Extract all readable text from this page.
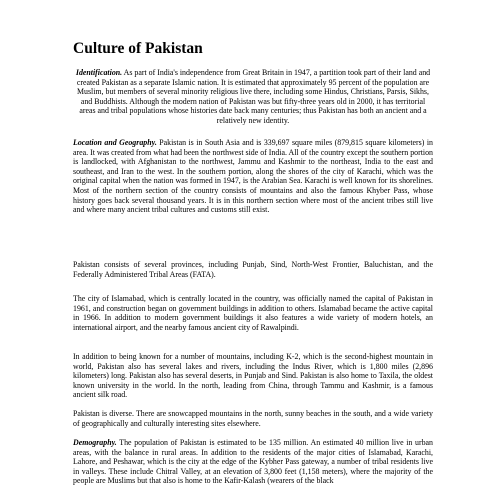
Culture of Pakistan

Identification. As part of India's independence from Great Britain in 1947, a partition took part of their land and created Pakistan as a separate Islamic nation. It is estimated that approximately 95 percent of the population are Muslim, but members of several minority religious live there, including some Hindus, Christians, Parsis, Sikhs, and Buddhists. Although the modern nation of Pakistan was but fifty-three years old in 2000, it has territorial areas and tribal populations whose histories date back many centuries; thus Pakistan has both an ancient and a relatively new identity.

Location and Geography. Pakistan is in South Asia and is 339,697 square miles (879,815 square kilometers) in area. It was created from what had been the northwest side of India. All of the country except the southern portion is landlocked, with Afghanistan to the northwest, Jammu and Kashmir to the northeast, India to the east and southeast, and Iran to the west. In the southern portion, along the shores of the city of Karachi, which was the original capital when the nation was formed in 1947, is the Arabian Sea. Karachi is well known for its shorelines. Most of the northern section of the country consists of mountains and also the famous Khyber Pass, whose history goes back several thousand years. It is in this northern section where most of the ancient tribes still live and where many ancient tribal cultures and customs still exist.

Pakistan consists of several provinces, including Punjab, Sind, North-West Frontier, Baluchistan, and the Federally Administered Tribal Areas (FATA).

The city of Islamabad, which is centrally located in the country, was officially named the capital of Pakistan in 1961, and construction began on government buildings in addition to others. Islamabad became the active capital in 1966. In addition to modern government buildings it also features a wide variety of modern hotels, an international airport, and the nearby famous ancient city of Rawalpindi.

In addition to being known for a number of mountains, including K-2, which is the second-highest mountain in world, Pakistan also has several lakes and rivers, including the Indus River, which is 1,800 miles (2,896 kilometers) long. Pakistan also has several deserts, in Punjab and Sind. Pakistan is also home to Taxila, the oldest known university in the world. In the north, leading from China, through Tammu and Kashmir, is a famous ancient silk road.

Pakistan is diverse. There are snowcapped mountains in the north, sunny beaches in the south, and a wide variety of geographically and culturally interesting sites elsewhere.

Demography. The population of Pakistan is estimated to be 135 million. An estimated 40 million live in urban areas, with the balance in rural areas. In addition to the residents of the major cities of Islamabad, Karachi, Lahore, and Peshawar, which is the city at the edge of the Kybher Pass gateway, a number of tribal residents live in valleys. These include Chitral Valley, at an elevation of 3,800 feet (1,158 meters), where the majority of the people are Muslims but that also is home to the Kafir-Kalash (wearers of the black
